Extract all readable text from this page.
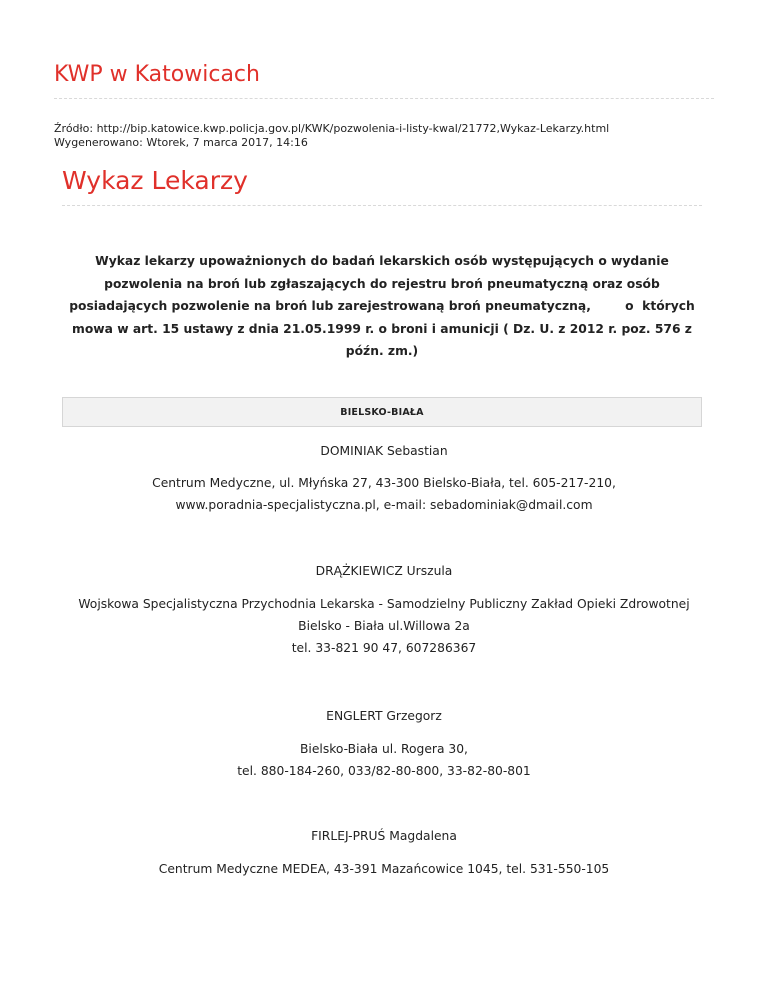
KWP w Katowicach
Źródło: http://bip.katowice.kwp.policja.gov.pl/KWK/pozwolenia-i-listy-kwal/21772,Wykaz-Lekarzy.html
Wygenerowano: Wtorek, 7 marca 2017, 14:16
Wykaz Lekarzy
Wykaz lekarzy upoważnionych do badań lekarskich osób występujących o wydanie
pozwolenia na broń lub zgłaszających do rejestru broń pneumatyczną oraz osób
posiadających pozwolenie na broń lub zarejestrowaną broń pneumatyczną,        o  których
mowa w art. 15 ustawy z dnia 21.05.1999 r. o broni i amunicji ( Dz. U. z 2012 r. poz. 576 z
późn. zm.)
BIELSKO-BIAŁA
DOMINIAK Sebastian
Centrum Medyczne, ul. Młyńska 27, 43-300 Bielsko-Biała, tel. 605-217-210,
www.poradnia-specjalistyczna.pl, e-mail: sebadominiak@dmail.com
DRĄŻKIEWICZ Urszula
Wojskowa Specjalistyczna Przychodnia Lekarska - Samodzielny Publiczny Zakład Opieki Zdrowotnej
Bielsko - Biała ul.Willowa 2a
tel. 33-821 90 47, 607286367
ENGLERT Grzegorz
Bielsko-Biała ul. Rogera 30,
tel. 880-184-260, 033/82-80-800, 33-82-80-801
FIRLEJ-PRUŚ Magdalena
Centrum Medyczne MEDEA, 43-391 Mazańcowice 1045, tel. 531-550-105
